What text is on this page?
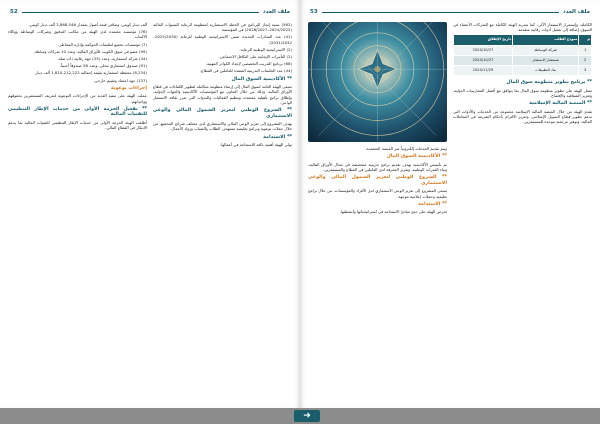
52	ملف العدد

(562) نسبة إنجاز البرنامج في الخطة الاستثمارية لمنظومة الرعاية للسنوات المالية (2024/2025–2026/2027) في المؤسسة

(41) عدد المبادرات الجديدة ضمن الاستراتيجية الوطنية للرعاية (2025/2030–2031/2032)

(2) الاستراتيجية الوطنية للرعاية.

(2) التأثيرات الإيجابية على التكافل الاجتماعي.

(66) برنامج التدريب التخصصي لإعداد الكوادر المهنية.

(44) عدد الجلسات التدريبية المنفذة للعاملين في القطاع.

** الأكاديمية السوق المال

تسعى الهيئة العامة لسوق المال إلى إرساء منظومة متكاملة لتطوير الكفاءات في قطاع الأوراق المالية، وذلك من خلال التعاون مع المؤسسات الأكاديمية والجهات الدولية، وإطلاق برامج تأهيلية معتمدة، وتنظيم الفعاليات والندوات التي تعزز ثقافة الاستثمار الواعي.

** الشروع الوطني لتعزيز الشمول المالي والوعي الاستثماري

يهدف المشروع إلى تعزيز الوعي المالي والاستثماري لدى مختلف شرائح المجتمع، من خلال حملات توعوية وبرامج تعليمية تستهدف الطلاب والشباب ورواد الأعمال.

** الاستدامة

تولي الهيئة أهمية بالغة للاستدامة في أعمالها.

ألف دينار كويتي، وصافي قيمة أصول بمقدار 2,868,546 ألف دينار كويتي.

(76) مؤسسة معتمدة لدى الهيئة من مكاتب التدقيق وشركات الوساطة ووكلاء الاكتتاب.

(7) مؤسسات تخضع لتعليمات الحوكمة وإدارة المخاطر.

(99) عضو في سوق الكويت للأوراق المالية، وعدد 10 شركات وساطة.

(44) شركة استثمارية، وعدد (25) جهة رقابية ذات صلة.

(91) صندوق استثماري محلي، وعدد 58 صندوقاً أجنبياً.

(8,234) محفظة استثمارية بقيمة إجمالية 1,810,212,222 ألف دينار.

(137) جهة اعتماد وتقييم خارجي.

إجراءات توعوية

عملت الهيئة على تنفيذ العديد من الإجراءات التوعوية لتعريف المستثمرين بحقوقهم وواجباتهم.

** تفعيل الحزمة الأولى من خدمات الإطار التنظيمي للتقنيات المالية

أطلقت الهيئة الحزمة الأولى من خدمات الإطار التنظيمي للتقنيات المالية بما يدعم الابتكار في القطاع المالي.

53	ملف العدد

الكاملة، وإستمرار الاستثمار الآلي، كما تسرية الهيئة الكاملة مع الشركات الأعضاء في السوق، إضافة إلى تفعيل أدوات رقابية متقدمة.

م	نموذج الطلب	تاريخ الإطلاق
1	شركة الوساطة	2024/10/27
2	مستشار الاستثمار	2024/10/27
3	بنك التطبيقات	2024/11/29
** برنامج تطوير منظومة سوق المال

تعمل الهيئة على تطوير منظومة سوق المال بما يتوافق مع أفضل الممارسات الدولية، وتعزيز الشفافية والإفصاح.

** المنصة المالية الإسلامية

تقدم الهيئة من خلال المنصة المالية الإسلامية مجموعة من الخدمات والأدوات التي تدعم تطوير قطاع التمويل الإسلامي، وتعزيز الالتزام بأحكام الشريعة في المعاملات المالية، وتوفير مرجعية موحدة للمستثمرين.

ويتم تقديم الخدمات إلكترونياً عبر المنصة المعتمدة.

** الأكاديمية السوق المال

تم تأسيس الأكاديمية بهدف تقديم برامج تدريبية متخصصة في مجال الأوراق المالية، وبناء القدرات الوطنية، وتعزيز المعرفة لدى العاملين في القطاع والمستثمرين.

** الشروع الوطني لتعزيز الشمول المالي والوعي الاستثماري

يسعى المشروع إلى تعزيز الوعي الاستثماري لدى الأفراد والمؤسسات، من خلال برامج تعليمية وحملات إعلامية موجهة.

** الاستدامة

تحرص الهيئة على دمج مبادئ الاستدامة في استراتيجياتها وأنشطتها.

➜
